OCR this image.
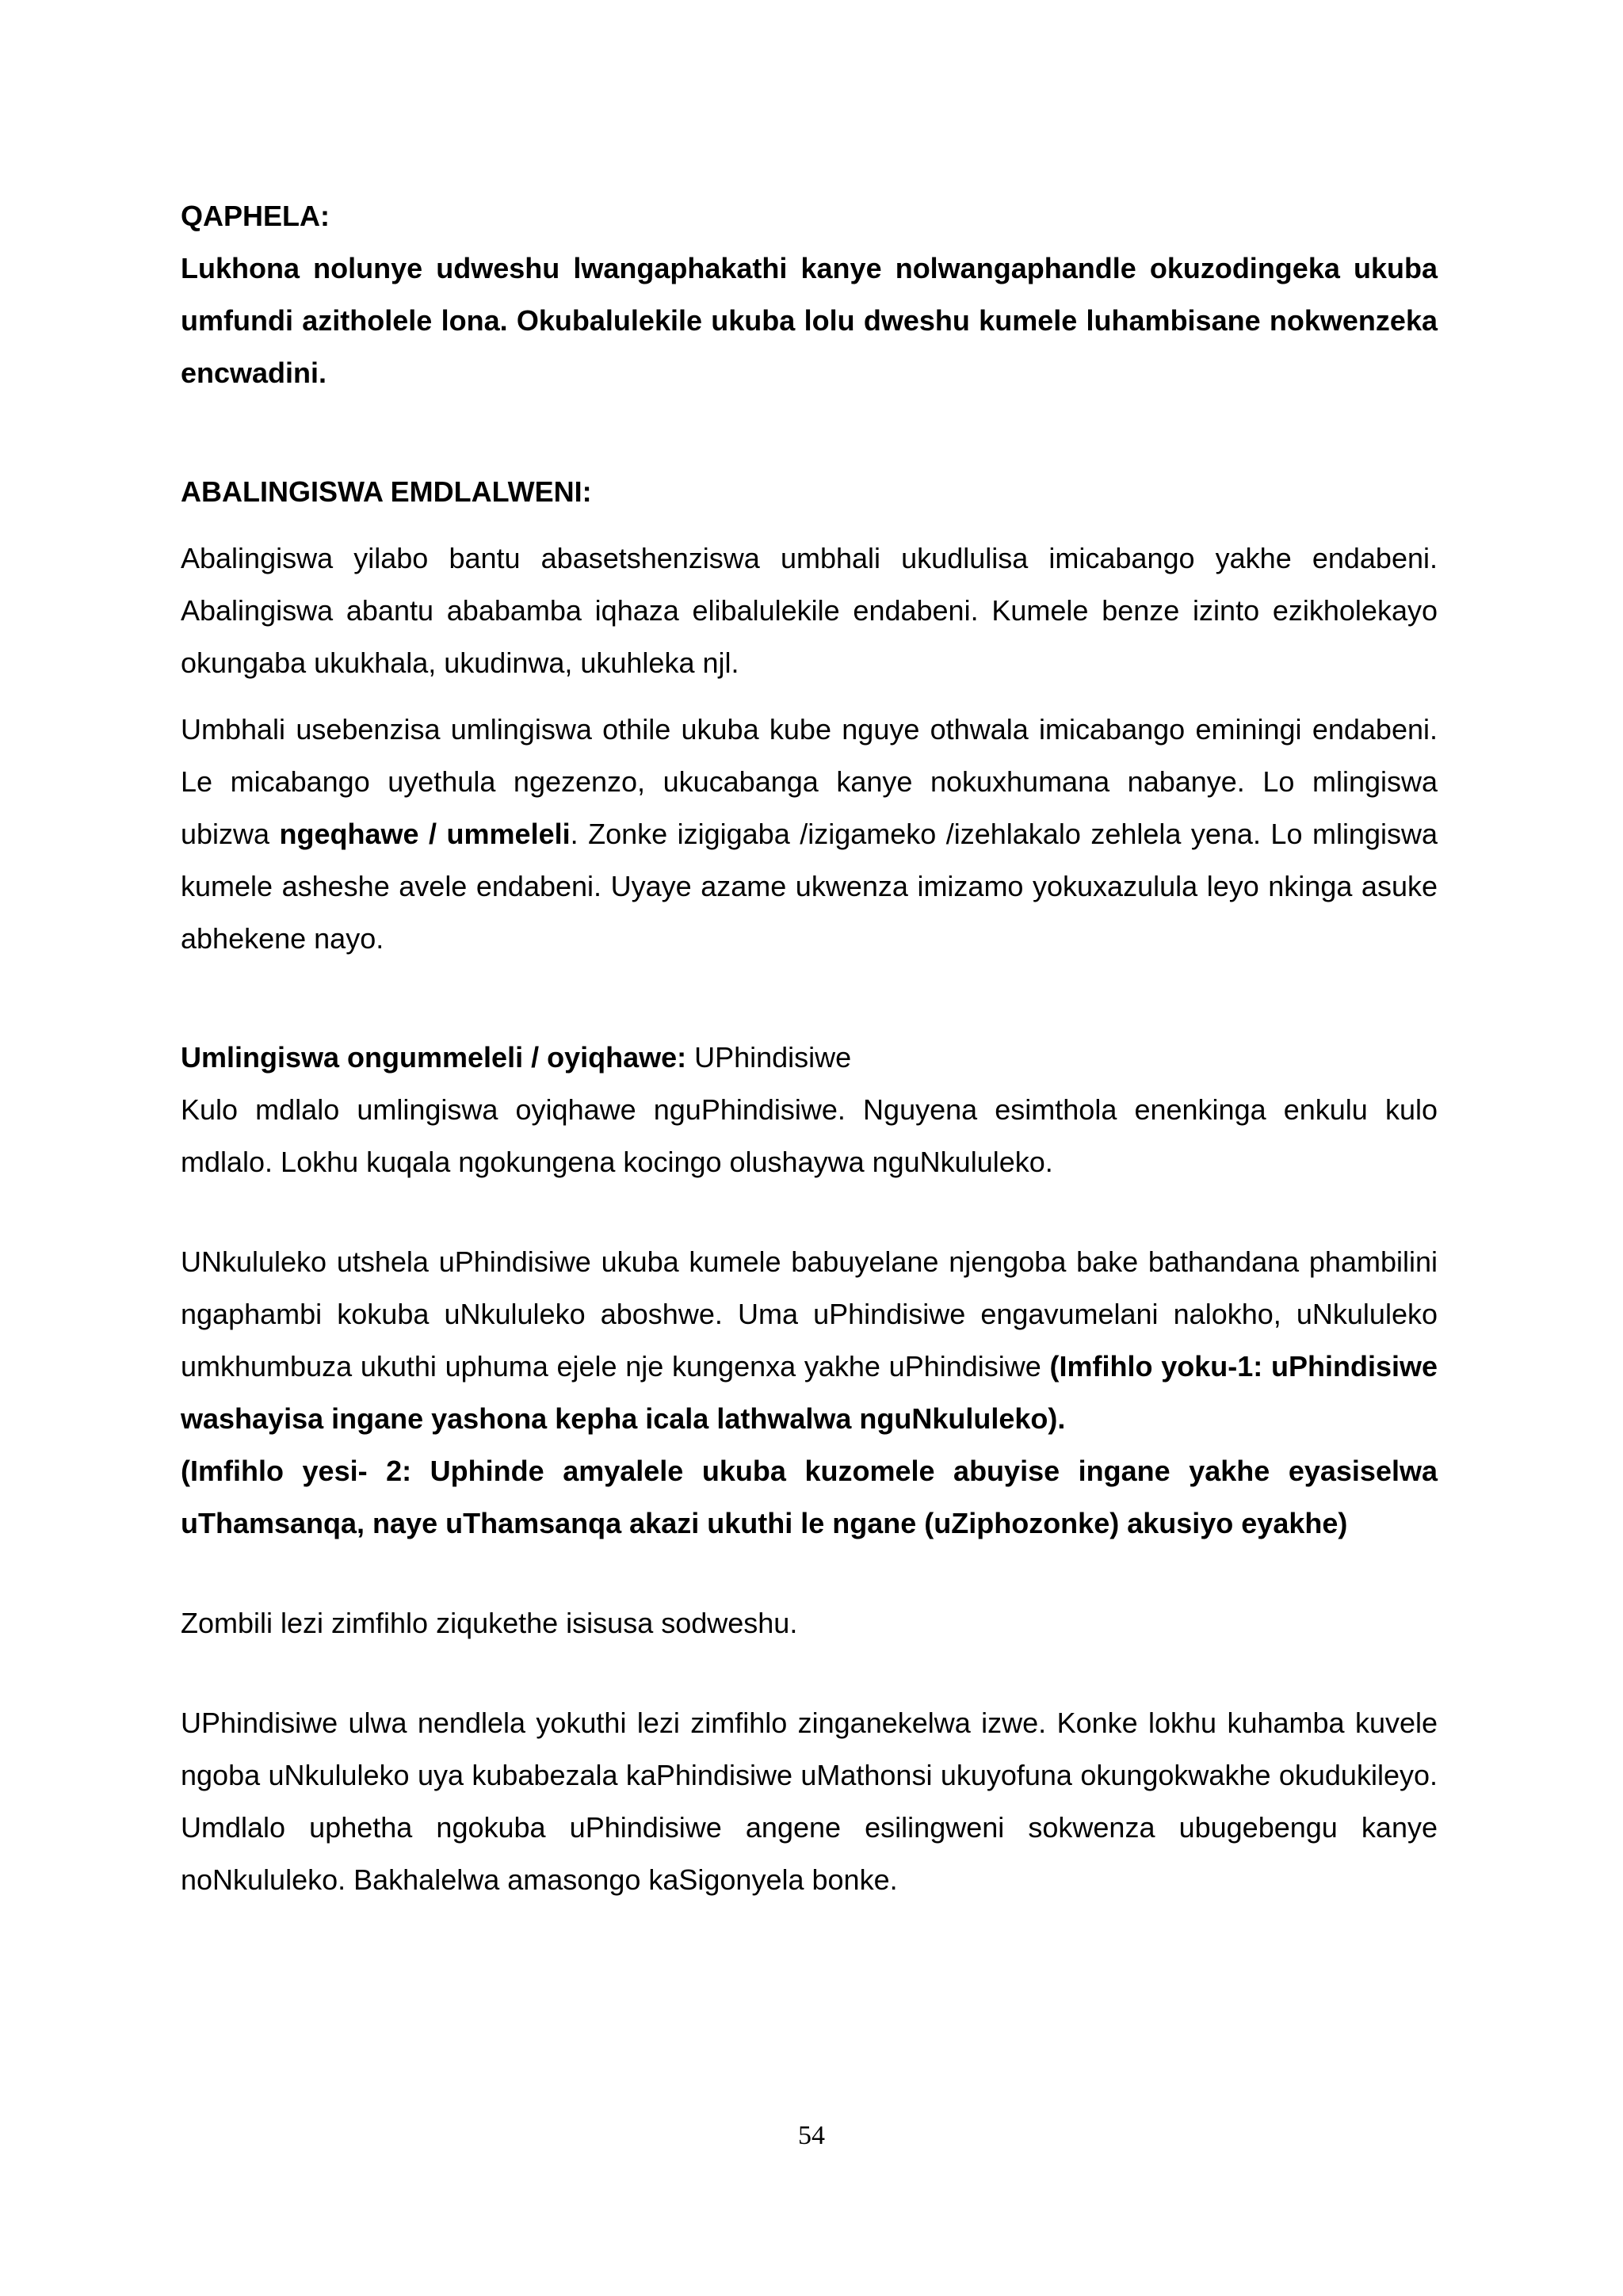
QAPHELA:

Lukhona nolunye udweshu lwangaphakathi kanye nolwangaphandle okuzodingeka ukuba umfundi azitholele lona. Okubalulekile ukuba lolu dweshu kumele luhambisane nokwenzeka encwadini.

ABALINGISWA EMDLALWENI:

Abalingiswa yilabo bantu abasetshenziswa umbhali ukudlulisa imicabango yakhe endabeni. Abalingiswa abantu ababamba iqhaza elibalulekile endabeni. Kumele benze izinto ezikholekayo okungaba ukukhala, ukudinwa, ukuhleka njl.

Umbhali usebenzisa umlingiswa othile ukuba kube nguye othwala imicabango eminingi endabeni. Le micabango uyethula ngezenzo, ukucabanga kanye nokuxhumana nabanye. Lo mlingiswa ubizwa ngeqhawe / ummeleli. Zonke izigigaba /izigameko /izehlakalo zehlela yena. Lo mlingiswa kumele asheshe avele endabeni. Uyaye azame ukwenza imizamo yokuxazulula leyo nkinga asuke abhekene nayo.

Umlingiswa ongummeleli / oyiqhawe: UPhindisiwe

Kulo mdlalo umlingiswa oyiqhawe nguPhindisiwe. Nguyena esimthola enenkinga enkulu kulo mdlalo. Lokhu kuqala ngokungena kocingo olushaywa nguNkululeko.

UNkululeko utshela uPhindisiwe ukuba kumele babuyelane njengoba bake bathandana phambilini ngaphambi kokuba uNkululeko aboshwe. Uma uPhindisiwe engavumelani nalokho, uNkululeko umkhumbuza ukuthi uphuma ejele nje kungenxa yakhe uPhindisiwe (Imfihlo yoku-1: uPhindisiwe washayisa ingane yashona kepha icala lathwalwa nguNkululeko).

(Imfihlo yesi- 2: Uphinde amyalele ukuba kuzomele abuyise ingane yakhe eyasiselwa uThamsanqa, naye uThamsanqa akazi ukuthi le ngane (uZiphozonke) akusiyo eyakhe)

Zombili lezi zimfihlo ziqukethe isisusa sodweshu.

UPhindisiwe ulwa nendlela yokuthi lezi zimfihlo zinganekelwa izwe. Konke lokhu kuhamba kuvele ngoba uNkululeko uya kubabezala kaPhindisiwe uMathonsi ukuyofuna okungokwakhe okudukileyo. Umdlalo uphetha ngokuba uPhindisiwe angene esilingweni sokwenza ubugebengu kanye noNkululeko. Bakhalelwa amasongo kaSigonyela bonke.

54
